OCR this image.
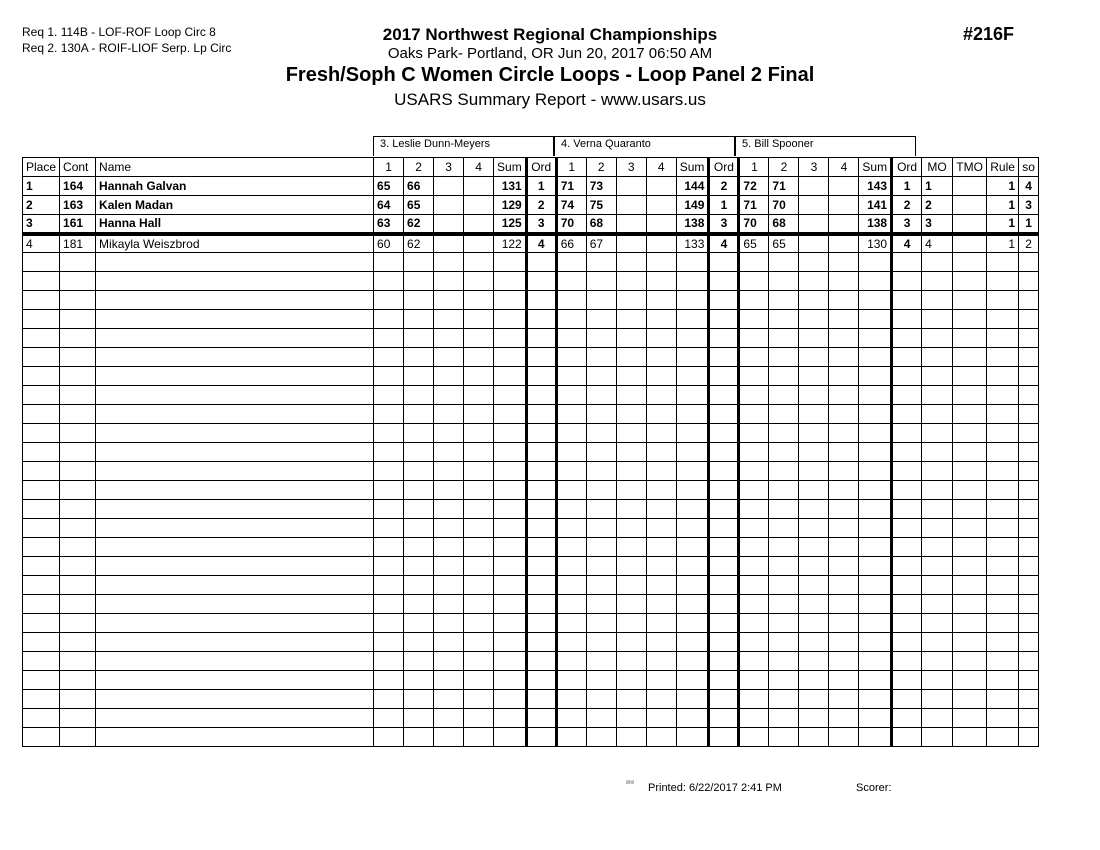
Req 1. 114B - LOF-ROF Loop Circ 8
Req 2. 130A - ROIF-LIOF Serp. Lp Circ
2017 Northwest Regional Championships
Oaks Park- Portland, OR Jun 20, 2017 06:50 AM
Fresh/Soph C Women Circle Loops - Loop Panel 2 Final
USARS Summary Report - www.usars.us
#216F
3. Leslie Dunn-Meyers	4. Verna Quaranto	5. Bill Spooner
Place	Cont	Name	1	2	3	4	Sum	Ord	1	2	3	4	Sum	Ord	1	2	3	4	Sum	Ord	MO	TMO	Rule	so
1	164	Hannah Galvan	65	66			131	1	71	73			144	2	72	71			143	1	1		1	4
2	163	Kalen Madan	64	65			129	2	74	75			149	1	71	70			141	2	2		1	3
3	161	Hanna Hall	63	62			125	3	70	68			138	3	70	68			138	3	3		1	1
4	181	Mikayla Weiszbrod	60	62			122	4	66	67			133	4	65	65			130	4	4		1	2

²²¹² Printed: 6/22/2017 2:41 PM	Scorer:
